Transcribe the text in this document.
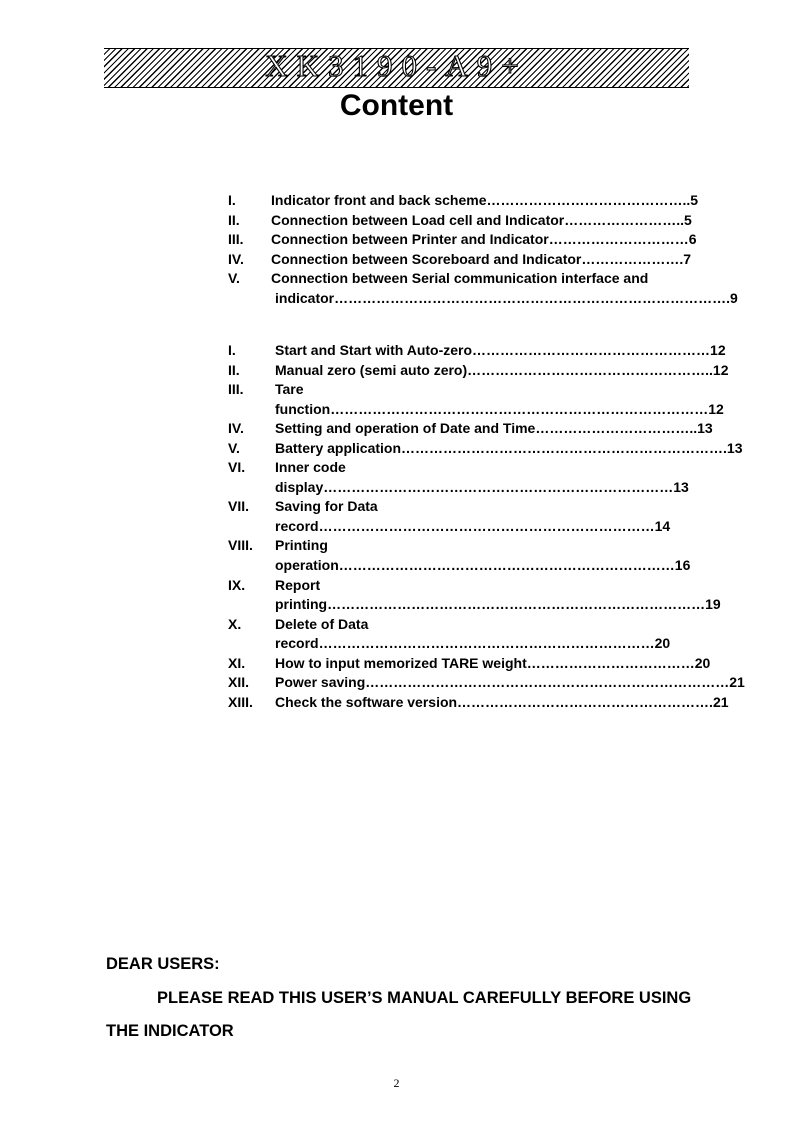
XK3190-A9+
Content
I.	Indicator front and back scheme……………………………………..5
II. Connection between Load cell and Indicator……………………..5
III. Connection between Printer and Indicator…………………………6
IV. Connection between Scoreboard and Indicator………………….7
V. Connection between Serial communication interface and
indicator………………………………………………………………………….9
I.	Start and Start with Auto-zero……………………………………………12
II.	Manual zero (semi auto zero)……………………………………………..12
III. Tare
function………………………………………………………………………12
IV. Setting and operation of Date and Time……………………………..13
V.	Battery application…………………………………………………………….13
VI. Inner code
display…………………………………………………………………13
VII. Saving for Data
record………………………………………………………………14
VIII. Printing
operation………………………………………………………………16
IX. Report
printing………………………………………………………………………19
X. Delete of Data
record………………………………………………………………20
XI. How to input memorized TARE weight………………………………20
XII. Power saving……………………………………………………………………21
XIII. Check the software version……………………………………………….21
DEAR USERS:
PLEASE READ THIS USER’S MANUAL CAREFULLY BEFORE USING
THE INDICATOR
2
